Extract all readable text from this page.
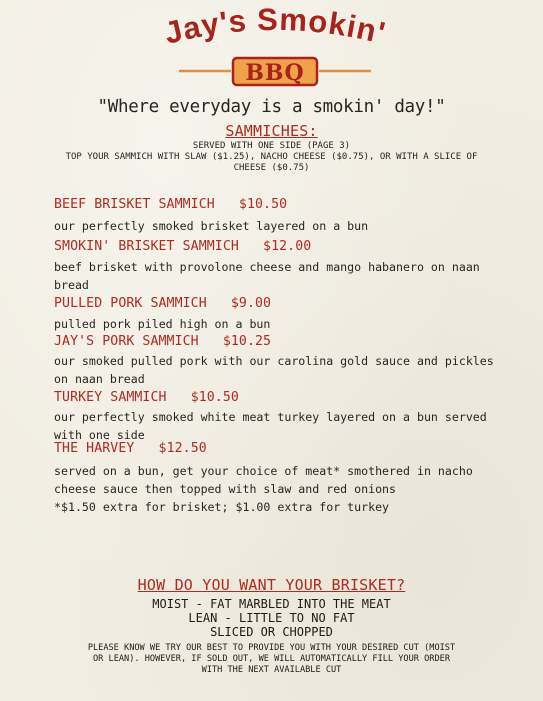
Jay's Smokin'
BBQ
"Where everyday is a smokin' day!"
SAMMICHES:
SERVED WITH ONE SIDE (PAGE 3)
TOP YOUR SAMMICH WITH SLAW ($1.25), NACHO CHEESE ($0.75), OR WITH A SLICE OF
CHEESE ($0.75)
BEEF BRISKET SAMMICH $10.50
our perfectly smoked brisket layered on a bun
SMOKIN' BRISKET SAMMICH $12.00
beef brisket with provolone cheese and mango habanero on naan
bread
PULLED PORK SAMMICH $9.00
pulled pork piled high on a bun
JAY'S PORK SAMMICH $10.25
our smoked pulled pork with our carolina gold sauce and pickles
on naan bread
TURKEY SAMMICH $10.50
our perfectly smoked white meat turkey layered on a bun served
with one side
THE HARVEY $12.50
served on a bun, get your choice of meat* smothered in nacho
cheese sauce then topped with slaw and red onions
*$1.50 extra for brisket; $1.00 extra for turkey
HOW DO YOU WANT YOUR BRISKET?
MOIST - FAT MARBLED INTO THE MEAT
LEAN - LITTLE TO NO FAT
SLICED OR CHOPPED
PLEASE KNOW WE TRY OUR BEST TO PROVIDE YOU WITH YOUR DESIRED CUT (MOIST
OR LEAN). HOWEVER, IF SOLD OUT, WE WILL AUTOMATICALLY FILL YOUR ORDER
WITH THE NEXT AVAILABLE CUT
